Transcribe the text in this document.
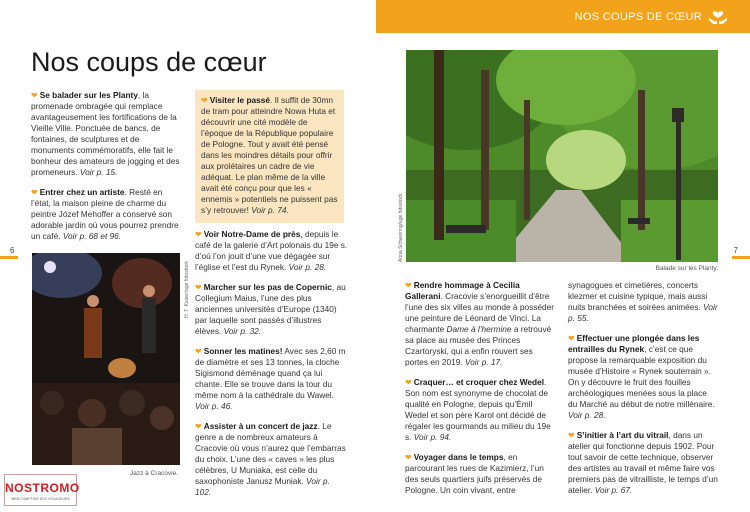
NOS COUPS DE CŒUR
6	7
Nos coups de cœur

❤ Se balader sur les Planty, la promenade ombragée qui remplace avantageusement les fortifications de la Vieille Ville. Ponctuée de bancs, de fontaines, de sculptures et de monuments commémoratifs, elle fait le bonheur des amateurs de jogging et des promeneurs. Voir p. 15.

❤ Entrer chez un artiste. Resté en l’état, la maison pleine de charme du peintre Józef Mehoffer a conservé son adorable jardin où vous pourrez prendre un café. Voir p. 68 et 96.

❤ Visiter le passé. Il suffit de 30mn de tram pour atteindre Nowa Huta et découvrir une cité modèle de l’époque de la République populaire de Pologne. Tout y avait été pensé dans les moindres détails pour offrir aux prolétaires un cadre de vie adéquat. Le plan même de la ville avait été conçu pour que les « ennemis » potentiels ne puissent pas s’y retrouver! Voir p. 74.

❤ Voir Notre-Dame de près, depuis le café de la galerie d’Art polonais du 19e s. d’où l’on jouit d’une vue dégagée sur l’église et l’est du Rynek. Voir p. 28.

❤ Marcher sur les pas de Copernic, au Collegium Maius, l’une des plus anciennes universités d’Europe (1340) par laquelle sont passés d’illustres élèves. Voir p. 32.

❤ Sonner les matines! Avec ses 2,60 m de diamètre et ses 13 tonnes, la cloche Sigismond déménage quand ça lui chante. Elle se trouve dans la tour du même nom à la cathédrale du Wawel. Voir p. 46.

❤ Assister à un concert de jazz. Le genre a de nombreux amateurs à Cracovie où vous n’aurez que l’embarras du choix. L’une des « caves » les plus célèbres, U Muniaka, est celle du saxophoniste Janusz Muniak. Voir p. 102.

❤ Rendre hommage à Cecilia Gallerani. Cracovie s’enorgueillit d’être l’une des six villes au monde à posséder une peinture de Léonard de Vinci. La charmante Dame à l’hermine a retrouvé sa place au musée des Princes Czartoryski, qui a enfin rouvert ses portes en 2019. Voir p. 17.

❤ Craquer… et croquer chez Wedel. Son nom est synonyme de chocolat de qualité en Pologne, depuis qu’Émil Wedel et son père Karol ont décidé de régaler les gourmands au milieu du 19e s. Voir p. 94.

❤ Voyager dans le temps, en parcourant les rues de Kazimierz, l’un des seuls quartiers juifs préservés de Pologne. Un coin vivant, entre

synagogues et cimetières, concerts klezmer et cuisine typique, mais aussi nuits branchées et soirées animées. Voir p. 55.

❤ Effectuer une plongée dans les entrailles du Rynek, c’est ce que propose la remarquable exposition du musée d’Histoire « Rynek souterrain ». On y découvre le fruit des fouilles archéologiques menées sous la place du Marché au début de notre millénaire. Voir p. 28.

❤ S’initier à l’art du vitrail, dans un atelier qui fonctionne depuis 1902. Pour tout savoir de cette technique, observer des artistes au travail et même faire vos premiers pas de vitrailliste, le temps d’un atelier. Voir p. 67.

Balade sur les Planty.
Anna Schweiring/age fotostock
Jazz à Cracovie.
H. T. Kaiser/age fotostock
NOSTROMO
WEB COMPTOIR DES VOYAGEURS
